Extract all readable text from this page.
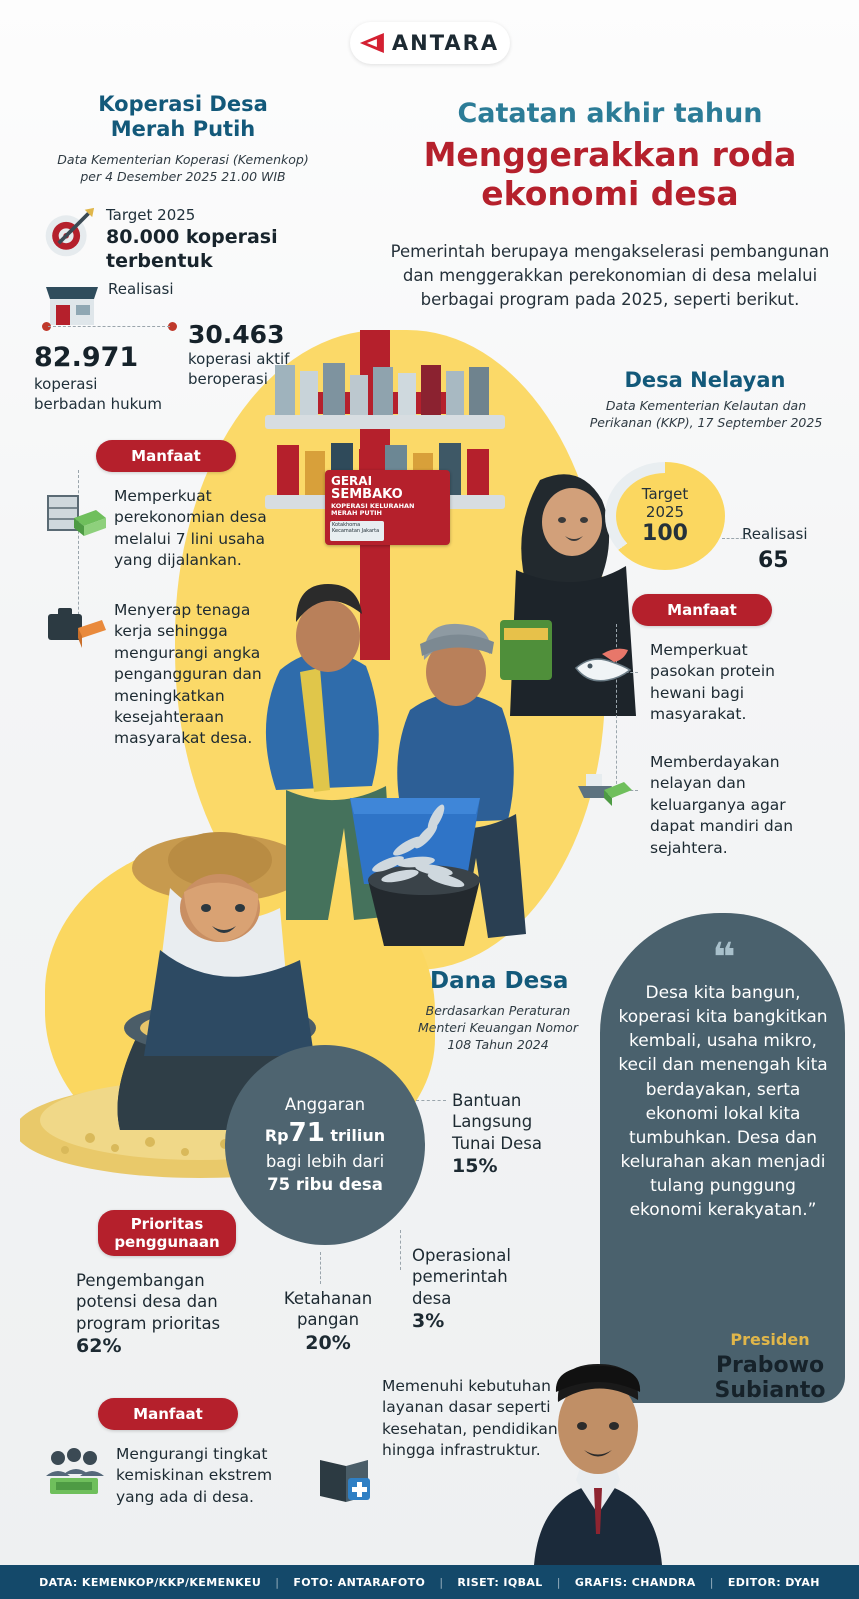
ANTARA
GERAI
SEMBAKO
KOPERASI KELURAHAN
MERAH PUTIH
Kotakhoma
Kecamatan Jakarta
Koperasi Desa
Merah Putih
Data Kementerian Koperasi (Kemenkop)
per 4 Desember 2025 21.00 WIB
Target 2025
80.000 koperasi
terbentuk
Realisasi
82.971
koperasi
berbadan hukum
30.463
koperasi aktif
beroperasi
Catatan akhir tahun
Menggerakkan roda
ekonomi desa
Pemerintah berupaya mengakselerasi pembangunan dan menggerakkan perekonomian di desa melalui berbagai program pada 2025, seperti berikut.
Manfaat
Memperkuat perekonomian desa melalui 7 lini usaha yang dijalankan.
Menyerap tenaga kerja sehingga mengurangi angka pengangguran dan meningkatkan kesejahteraan masyarakat desa.
Desa Nelayan
Data Kementerian Kelautan dan
Perikanan (KKP), 17 September 2025
Target
2025
100	Realisasi
65
Manfaat
Memperkuat pasokan protein hewani bagi masyarakat.
Memberdayakan nelayan dan keluarganya agar dapat mandiri dan sejahtera.
Dana Desa
Berdasarkan Peraturan Menteri Keuangan Nomor 108 Tahun 2024
Anggaran
Rp71 triliun
bagi lebih dari
75 ribu desa
Bantuan Langsung Tunai Desa
15%
Operasional pemerintah desa
3%
Ketahanan pangan
20%
Prioritas
penggunaan
Pengembangan potensi desa dan program prioritas
62%
❝
Desa kita bangun, koperasi kita bangkitkan kembali, usaha mikro, kecil dan menengah kita berdayakan, serta ekonomi lokal kita tumbuhkan. Desa dan kelurahan akan menjadi tulang punggung ekonomi kerakyatan.”
Presiden
Prabowo
Subianto
Manfaat
Mengurangi tingkat kemiskinan ekstrem yang ada di desa.
Memenuhi kebutuhan layanan dasar seperti kesehatan, pendidikan hingga infrastruktur.
DATA: KEMENKOP/KKP/KEMENKEU | FOTO: ANTARAFOTO | RISET: IQBAL | GRAFIS: CHANDRA | EDITOR: DYAH
